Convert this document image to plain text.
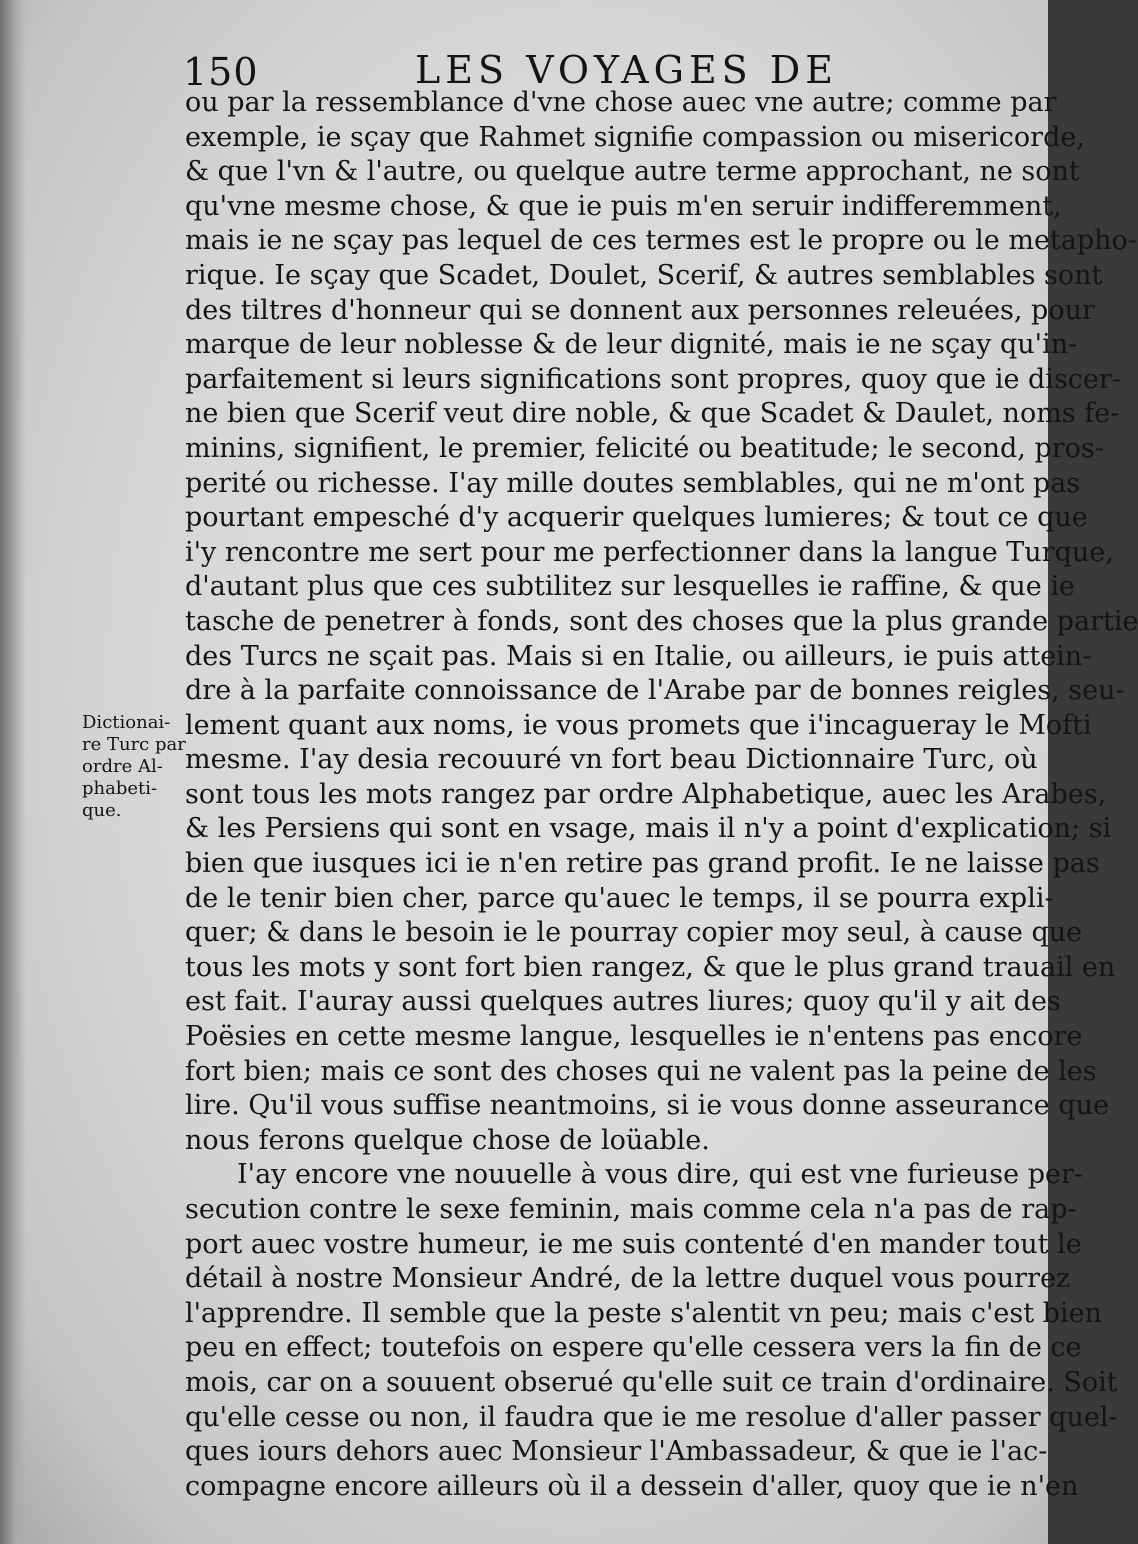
150	LES VOYAGES DE
Dictionai-
re Turc par
ordre Al-
phabeti-
que.
ou par la ressemblance d'vne chose auec vne autre; comme par
exemple, ie sçay que Rahmet signifie compassion ou misericorde,
& que l'vn & l'autre, ou quelque autre terme approchant, ne sont
qu'vne mesme chose, & que ie puis m'en seruir indifferemment,
mais ie ne sçay pas lequel de ces termes est le propre ou le metapho-
rique. Ie sçay que Scadet, Doulet, Scerif, & autres semblables sont
des tiltres d'honneur qui se donnent aux personnes releuées, pour
marque de leur noblesse & de leur dignité, mais ie ne sçay qu'in-
parfaitement si leurs significations sont propres, quoy que ie discer-
ne bien que Scerif veut dire noble, & que Scadet & Daulet, noms fe-
minins, signifient, le premier, felicité ou beatitude; le second, pros-
perité ou richesse. I'ay mille doutes semblables, qui ne m'ont pas
pourtant empesché d'y acquerir quelques lumieres; & tout ce que
i'y rencontre me sert pour me perfectionner dans la langue Turque,
d'autant plus que ces subtilitez sur lesquelles ie raffine, & que ie
tasche de penetrer à fonds, sont des choses que la plus grande partie
des Turcs ne sçait pas. Mais si en Italie, ou ailleurs, ie puis attein-
dre à la parfaite connoissance de l'Arabe par de bonnes reigles, seu-
lement quant aux noms, ie vous promets que i'incagueray le Mofti
mesme. I'ay desia recouuré vn fort beau Dictionnaire Turc, où
sont tous les mots rangez par ordre Alphabetique, auec les Arabes,
& les Persiens qui sont en vsage, mais il n'y a point d'explication; si
bien que iusques ici ie n'en retire pas grand profit. Ie ne laisse pas
de le tenir bien cher, parce qu'auec le temps, il se pourra expli-
quer; & dans le besoin ie le pourray copier moy seul, à cause que
tous les mots y sont fort bien rangez, & que le plus grand trauail en
est fait. I'auray aussi quelques autres liures; quoy qu'il y ait des
Poësies en cette mesme langue, lesquelles ie n'entens pas encore
fort bien; mais ce sont des choses qui ne valent pas la peine de les
lire. Qu'il vous suffise neantmoins, si ie vous donne asseurance que
nous ferons quelque chose de loüable.
I'ay encore vne nouuelle à vous dire, qui est vne furieuse per-
secution contre le sexe feminin, mais comme cela n'a pas de rap-
port auec vostre humeur, ie me suis contenté d'en mander tout le
détail à nostre Monsieur André, de la lettre duquel vous pourrez
l'apprendre. Il semble que la peste s'alentit vn peu; mais c'est bien
peu en effect; toutefois on espere qu'elle cessera vers la fin de ce
mois, car on a souuent obserué qu'elle suit ce train d'ordinaire. Soit
qu'elle cesse ou non, il faudra que ie me resolue d'aller passer quel-
ques iours dehors auec Monsieur l'Ambassadeur, & que ie l'ac-
compagne encore ailleurs où il a dessein d'aller, quoy que ie n'en
